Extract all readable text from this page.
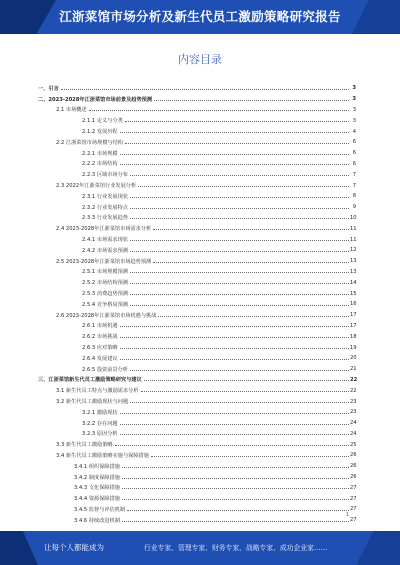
江浙菜馆市场分析及新生代员工激励策略研究报告
内容目录
一、引言	3
二、2023-2028年江浙菜馆市场前景及趋势预测	3
2.1 市场概述	3
2.1.1 定义与分类	3
2.1.2 发展历程	4
2.2 江浙菜馆市场规模与结构	6
2.2.1 市场规模	6
2.2.2 市场结构	6
2.2.3 区域市场分布	7
2.3 2022年江浙菜馆行业发展分析	7
2.3.1 行业发展现状	8
2.3.2 行业发展特点	9
2.3.3 行业发展趋势	10
2.4 2023-2028年江浙菜馆市场需求分析	11
2.4.1 市场需求现状	11
2.4.2 市场需求预测	12
2.5 2023-2028年江浙菜馆市场趋势预测	13
2.5.1 市场规模预测	13
2.5.2 市场结构预测	14
2.5.3 消费趋势预测	15
2.5.4 竞争格局预测	16
2.6 2023-2028年江浙菜馆市场机遇与挑战	17
2.6.1 市场机遇	17
2.6.2 市场挑战	18
2.6.3 应对策略	19
2.6.4 发展建议	20
2.6.5 投资前景分析	21
三、江浙菜馆新生代员工激励策略研究与建议	22
3.1 新生代员工特点与激励需求分析	22
3.2 新生代员工激励现状与问题	23
3.2.1 激励现状	23
3.2.2 存在问题	24
3.2.3 原因分析	24
3.3 新生代员工激励策略	25
3.4 新生代员工激励策略实施与保障措施	26
3.4.1 组织保障措施	26
3.4.2 制度保障措施	26
3.4.3 文化保障措施	27
3.4.4 资源保障措施	27
3.4.5 监督与评估机制	27
3.4.6 持续改进机制	27
1
让每个人都能成为	行业专家、管理专家、财务专家、战略专家、成功企业家……
